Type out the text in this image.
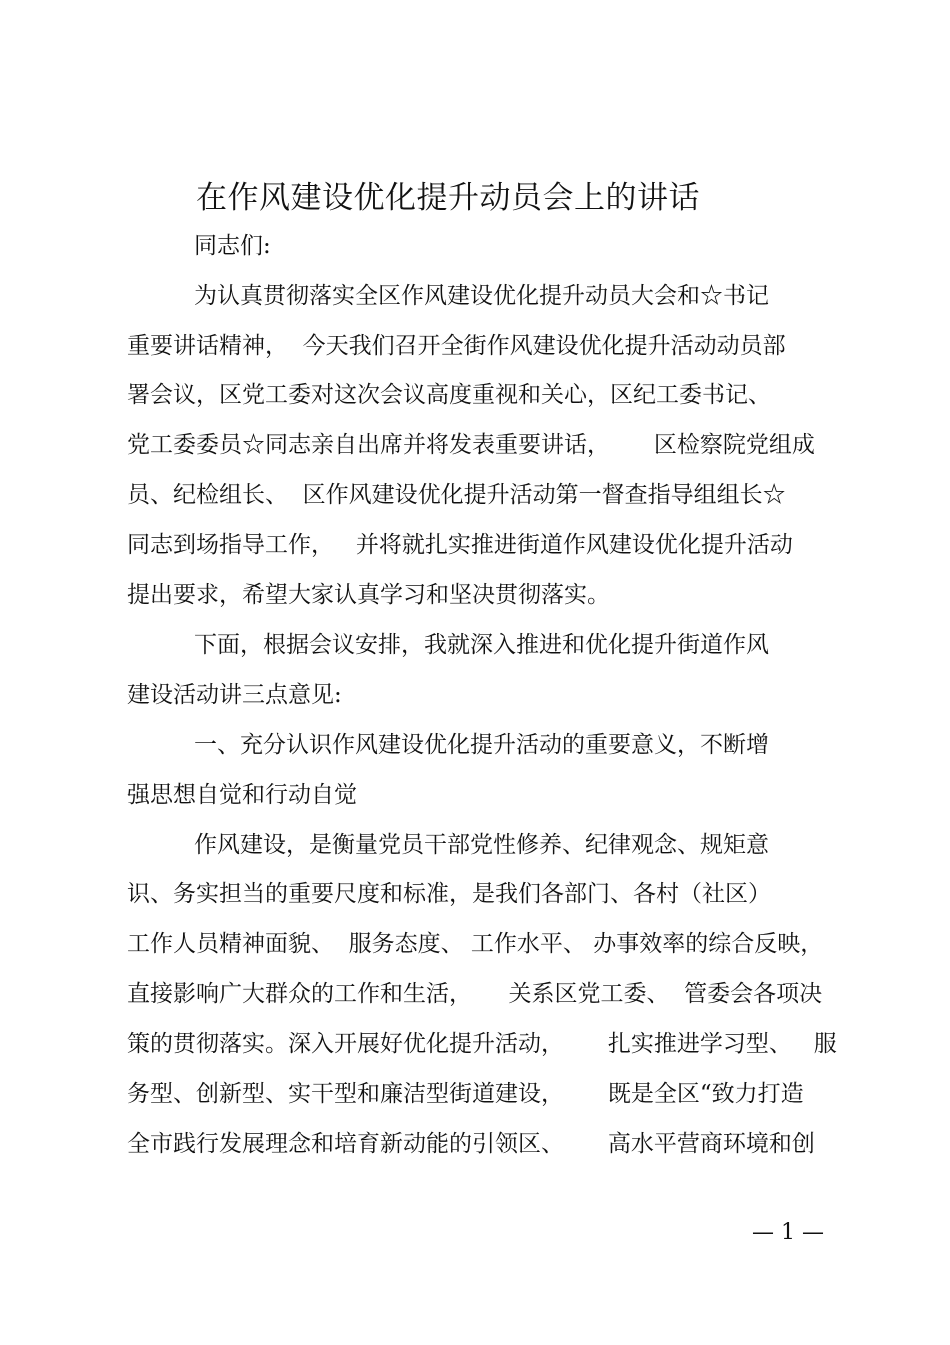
在作风建设优化提升动员会上的讲话
同志们:
为认真贯彻落实全区作风建设优化提升动员大会和☆书记
重要讲话精神，  今天我们召开全街作风建设优化提升活动动员部
署会议，区党工委对这次会议高度重视和关心，区纪工委书记、
党工委委员☆同志亲自出席并将发表重要讲话，      区检察院党组成
员、纪检组长、  区作风建设优化提升活动第一督查指导组组长☆
同志到场指导工作，   并将就扎实推进街道作风建设优化提升活动
提出要求，希望大家认真学习和坚决贯彻落实。
下面，根据会议安排，我就深入推进和优化提升街道作风
建设活动讲三点意见:
一、充分认识作风建设优化提升活动的重要意义，不断增
强思想自觉和行动自觉
作风建设，是衡量党员干部党性修养、纪律观念、规矩意
识、务实担当的重要尺度和标准，是我们各部门、各村（社区）
工作人员精神面貌、  服务态度、 工作水平、 办事效率的综合反映，
直接影响广大群众的工作和生活，     关系区党工委、  管委会各项决
策的贯彻落实。深入开展好优化提升活动，      扎实推进学习型、   服
务型、创新型、实干型和廉洁型街道建设，      既是全区“致力打造
全市践行发展理念和培育新动能的引领区、      高水平营商环境和创
— 1 —
